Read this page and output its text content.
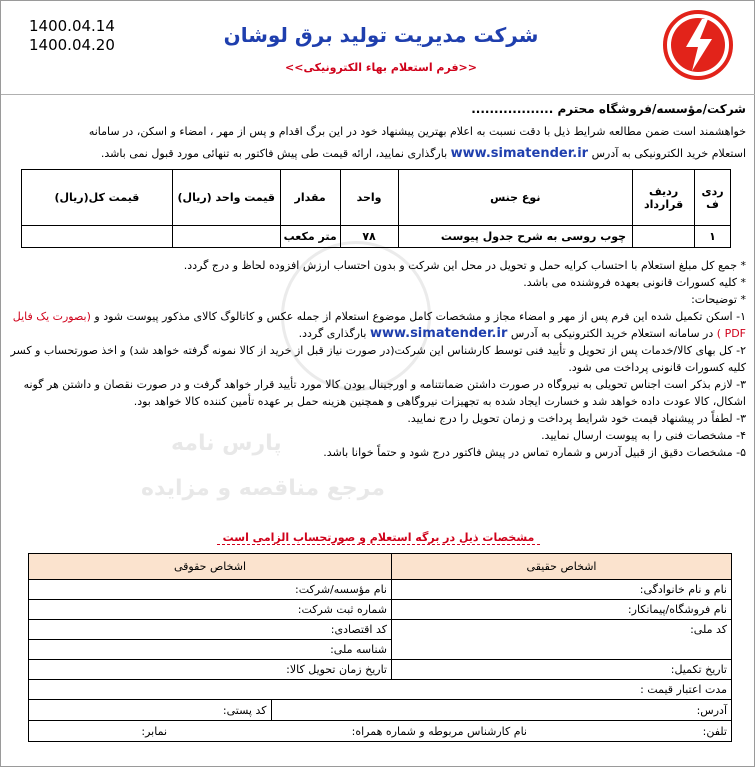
شرکت مدیریت تولید برق لوشان
<<فرم استعلام بهاء الکترونیکی>>
1400.04.14
1400.04.20
پارس نامه
مرجع مناقصه و مزایده
شرکت/مؤسسه/فروشگاه محترم ..................
خواهشمند است ضمن مطالعه شرایط ذیل با دقت نسبت به اعلام بهترین پیشنهاد خود در این برگ اقدام و پس از مهر ، امضاء و اسکن، در سامانه
استعلام خرید الکترونیکی به آدرس www.simatender.ir بارگذاری نمایید، ارائه قیمت طی پیش فاکتور به تنهائی مورد قبول نمی باشد.
ردی ف	ردیف قرارداد	نوع جنس	واحد	مقدار	قیمت واحد (ریال)	قیمت کل(ریال)
۱		چوب روسی به شرح جدول پیوست	۷۸	متر مکعب		

* جمع کل مبلغ استعلام با احتساب کرایه حمل و تحویل در محل این شرکت و بدون احتساب ارزش افزوده لحاظ و درج گردد.

* کلیه کسورات قانونی بعهده فروشنده می باشد.

* توضیحات:

۱- اسکن تکمیل شده این فرم پس از مهر و امضاء مجاز و مشخصات کامل موضوع استعلام از جمله عکس و کاتالوگ کالای مذکور پیوست شود و (بصورت یک فایل PDF ) در سامانه استعلام خرید الکترونیکی به آدرس www.simatender.ir بارگذاری گردد.

۲- کل بهای کالا/خدمات پس از تحویل و تأیید فنی توسط کارشناس این شرکت(در صورت نیاز قبل از خرید از کالا نمونه گرفته خواهد شد) و اخذ صورتحساب و کسر کلیه کسورات قانونی پرداخت می شود.

۳- لازم بذکر است اجناس تحویلی به نیروگاه در صورت داشتن ضمانتنامه و اورجینال بودن کالا مورد تأیید قرار خواهد گرفت و در صورت نقصان و داشتن هر گونه اشکال، کالا عودت داده خواهد شد و خسارت ایجاد شده به تجهیزات نیروگاهی و همچنین هزینه حمل بر عهده تأمین کننده کالا خواهد بود.

۳- لطفاً در پیشنهاد قیمت خود شرایط پرداخت و زمان تحویل را درج نمایید.

۴- مشخصات فنی را به پیوست ارسال نمایید.

۵- مشخصات دقیق از قبیل آدرس و شماره تماس در پیش فاکتور درج شود و حتماً خوانا باشد.

مشخصات ذیل در برگه استعلام و صورتحساب الزامی است
اشخاص حقیقی	اشخاص حقوقی
نام و نام خانوادگی:	نام مؤسسه/شرکت:
نام فروشگاه/پیمانکار:	شماره ثبت شرکت:
کد ملی:	کد اقتصادی:
شناسه ملی:
تاریخ تکمیل:	تاریخ زمان تحویل کالا:
مدت اعتبار قیمت :

آدرس:	کد پستی:

تلفن:	نام کارشناس مربوطه و شماره همراه:	نمابر:
